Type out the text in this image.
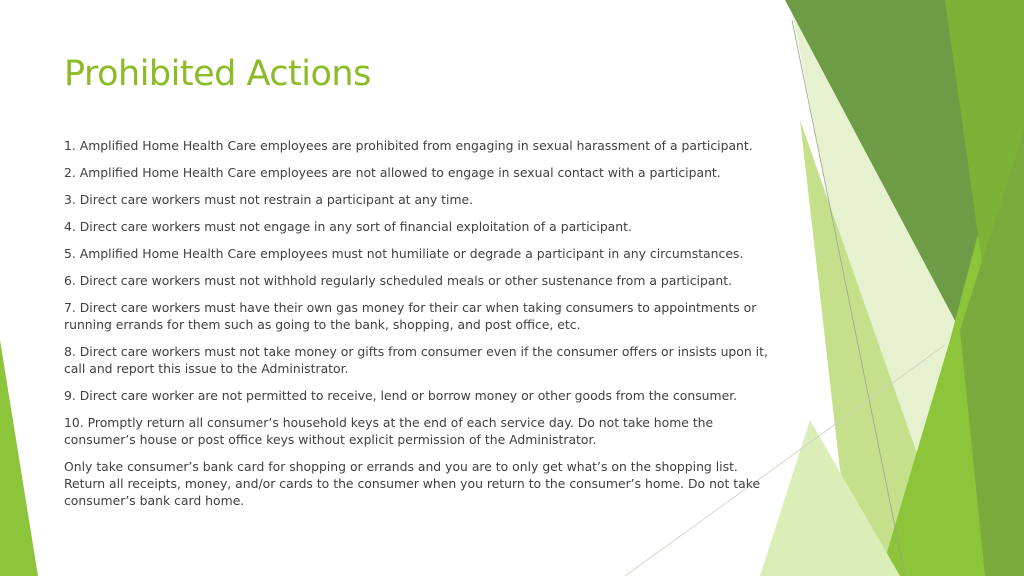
Prohibited Actions

1. Amplified Home Health Care employees are prohibited from engaging in sexual harassment of a participant.

2. Amplified Home Health Care employees are not allowed to engage in sexual contact with a participant.

3. Direct care workers must not restrain a participant at any time.

4. Direct care workers must not engage in any sort of financial exploitation of a participant.

5. Amplified Home Health Care employees must not humiliate or degrade a participant in any circumstances.

6. Direct care workers must not withhold regularly scheduled meals or other sustenance from a participant.

7. Direct care workers must have their own gas money for their car when taking consumers to appointments or running errands for them such as going to the bank, shopping, and post office, etc.

8. Direct care workers must not take money or gifts from consumer even if the consumer offers or insists upon it, call and report this issue to the Administrator.

9. Direct care worker are not permitted to receive, lend or borrow money or other goods from the consumer.

10. Promptly return all consumer’s household keys at the end of each service day. Do not take home the consumer’s house or post office keys without explicit permission of the Administrator.

Only take consumer’s bank card for shopping or errands and you are to only get what’s on the shopping list. Return all receipts, money, and/or cards to the consumer when you return to the consumer’s home. Do not take consumer’s bank card home.
